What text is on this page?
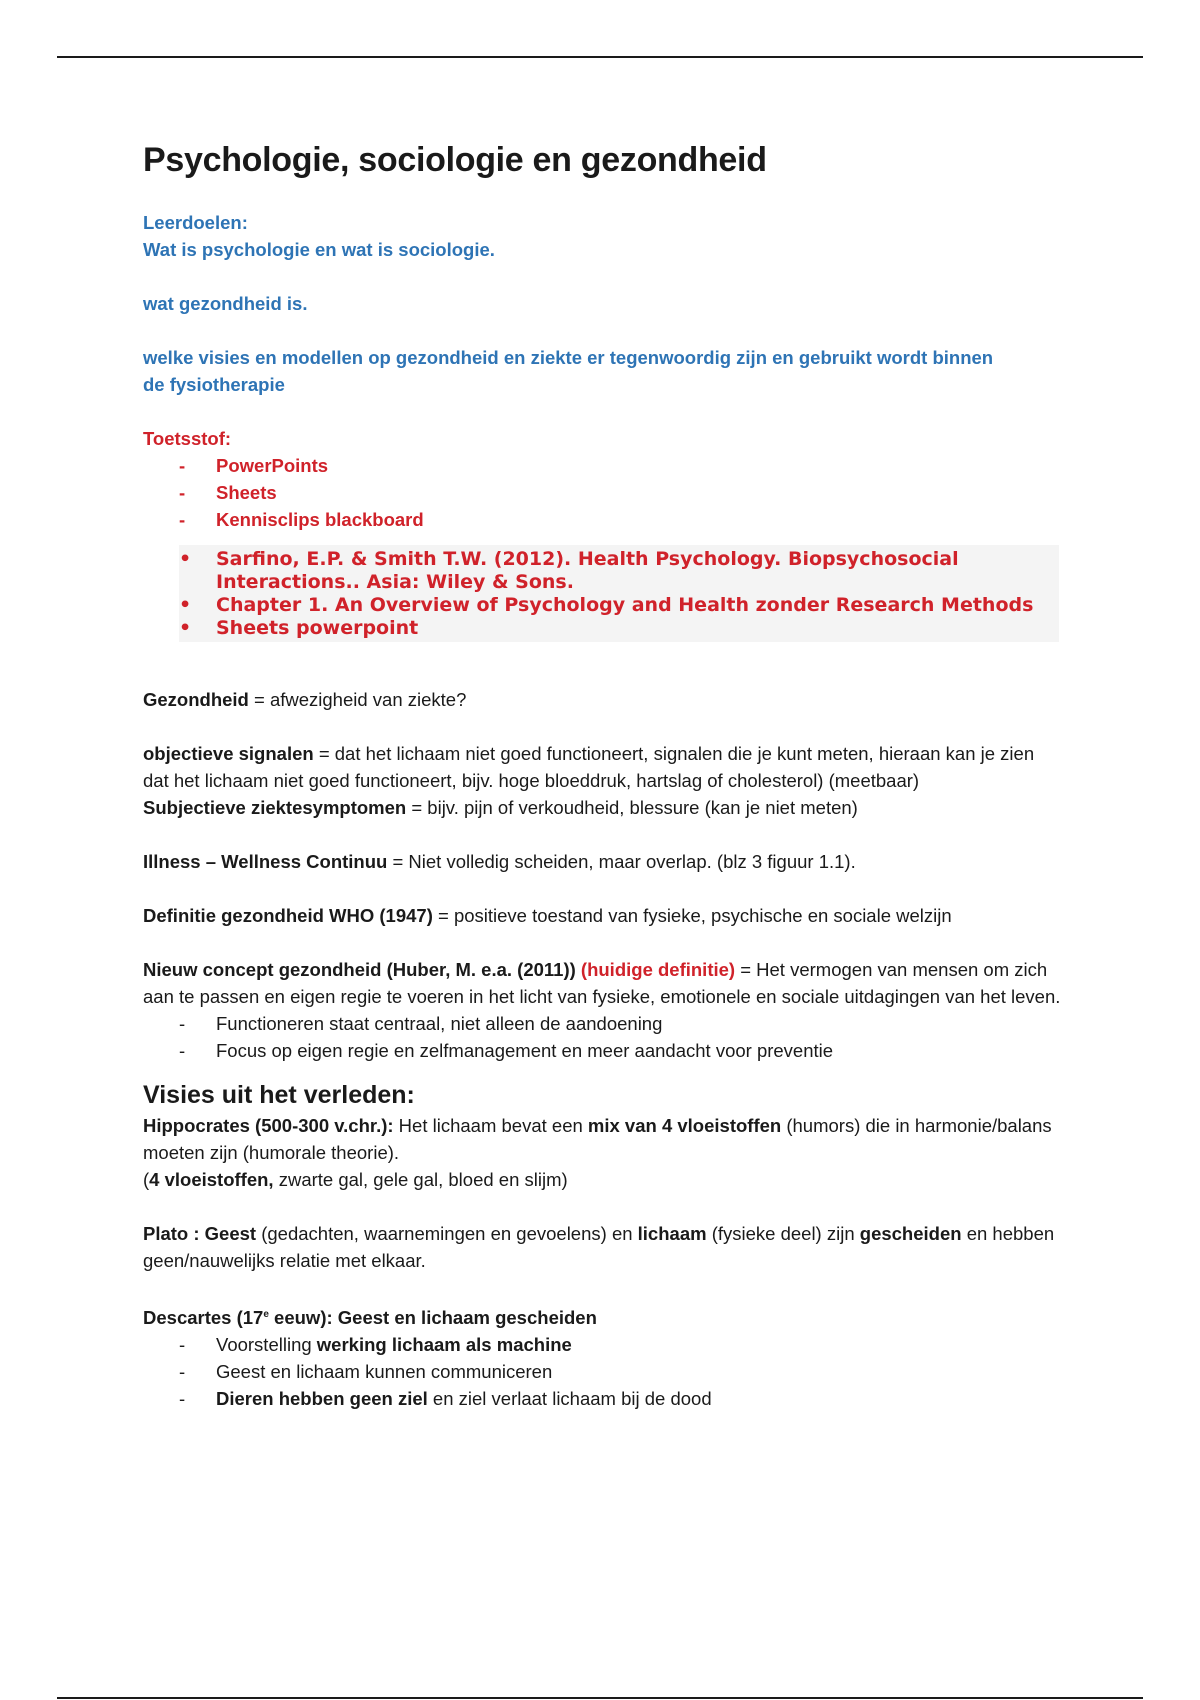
Psychologie, sociologie en gezondheid

Leerdoelen:

Wat is psychologie en wat is sociologie.

wat gezondheid is.

welke visies en modellen op gezondheid en ziekte er tegenwoordig zijn en gebruikt wordt binnen
de fysiotherapie

Toetsstof:

- PowerPoints
- Sheets
- Kennisclips blackboard
• Sarfino, E.P. & Smith T.W. (2012). Health Psychology. Biopsychosocial Interactions.. Asia: Wiley & Sons.
• Chapter 1. An Overview of Psychology and Health zonder Research Methods
• Sheets powerpoint

Gezondheid = afwezigheid van ziekte?

objectieve signalen = dat het lichaam niet goed functioneert, signalen die je kunt meten, hieraan kan je zien dat het lichaam niet goed functioneert, bijv. hoge bloeddruk, hartslag of cholesterol) (meetbaar)

Subjectieve ziektesymptomen = bijv. pijn of verkoudheid, blessure (kan je niet meten)

Illness – Wellness Continuu = Niet volledig scheiden, maar overlap. (blz 3 figuur 1.1).

Definitie gezondheid WHO (1947) = positieve toestand van fysieke, psychische en sociale welzijn

Nieuw concept gezondheid (Huber, M. e.a. (2011)) (huidige definitie) = Het vermogen van mensen om zich aan te passen en eigen regie te voeren in het licht van fysieke, emotionele en sociale uitdagingen van het leven.

- Functioneren staat centraal, niet alleen de aandoening
- Focus op eigen regie en zelfmanagement en meer aandacht voor preventie
Visies uit het verleden:

Hippocrates (500-300 v.chr.): Het lichaam bevat een mix van 4 vloeistoffen (humors) die in harmonie/balans moeten zijn (humorale theorie).
(4 vloeistoffen, zwarte gal, gele gal, bloed en slijm)

Plato : Geest (gedachten, waarnemingen en gevoelens) en lichaam (fysieke deel) zijn gescheiden en hebben geen/nauwelijks relatie met elkaar.

Descartes (17e eeuw): Geest en lichaam gescheiden

- Voorstelling werking lichaam als machine
- Geest en lichaam kunnen communiceren
- Dieren hebben geen ziel en ziel verlaat lichaam bij de dood
